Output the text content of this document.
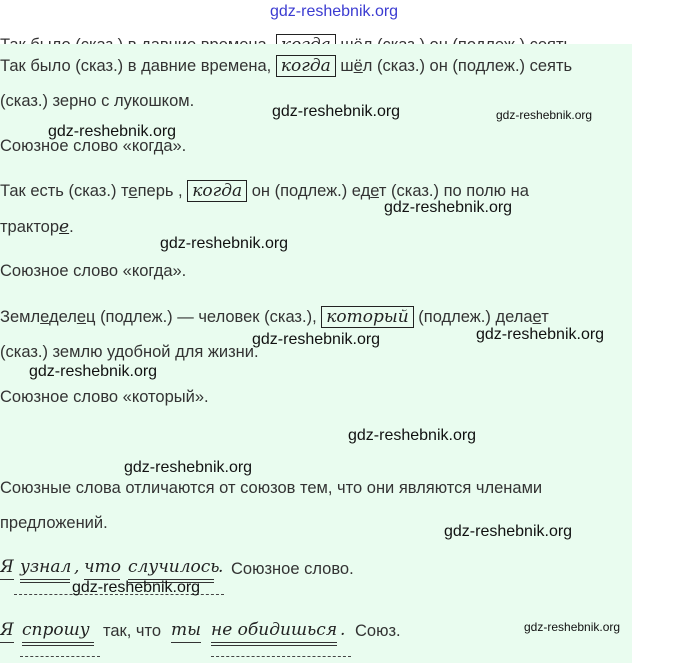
gdz-reshebnik.org
Так было (сказ.) в давние времена, когда шёл (сказ.) он (подлеж.) сеять
(сказ.) зерно с лукошком.
gdz-reshebnik.org	gdz-reshebnik.org
gdz-reshebnik.org
Союзное слово «когда».
Так есть (сказ.) теперь , когда он (подлеж.) едет (сказ.) по полю на
gdz-reshebnik.org
тракторе.
gdz-reshebnik.org
Союзное слово «когда».
Земледелец (подлеж.) — человек (сказ.), который (подлеж.) делает
gdz-reshebnik.org
gdz-reshebnik.org
(сказ.) землю удобной для жизни.
gdz-reshebnik.org
Союзное слово «который».
gdz-reshebnik.org
gdz-reshebnik.org
Союзные слова отличаются от союзов тем, что они являются членами
предложений.	gdz-reshebnik.org
Я узнал , что случилось
. Союзное слово.
gdz-reshebnik.org
Я спрошу так, что ты не обидишься . Союз.	gdz-reshebnik.org
